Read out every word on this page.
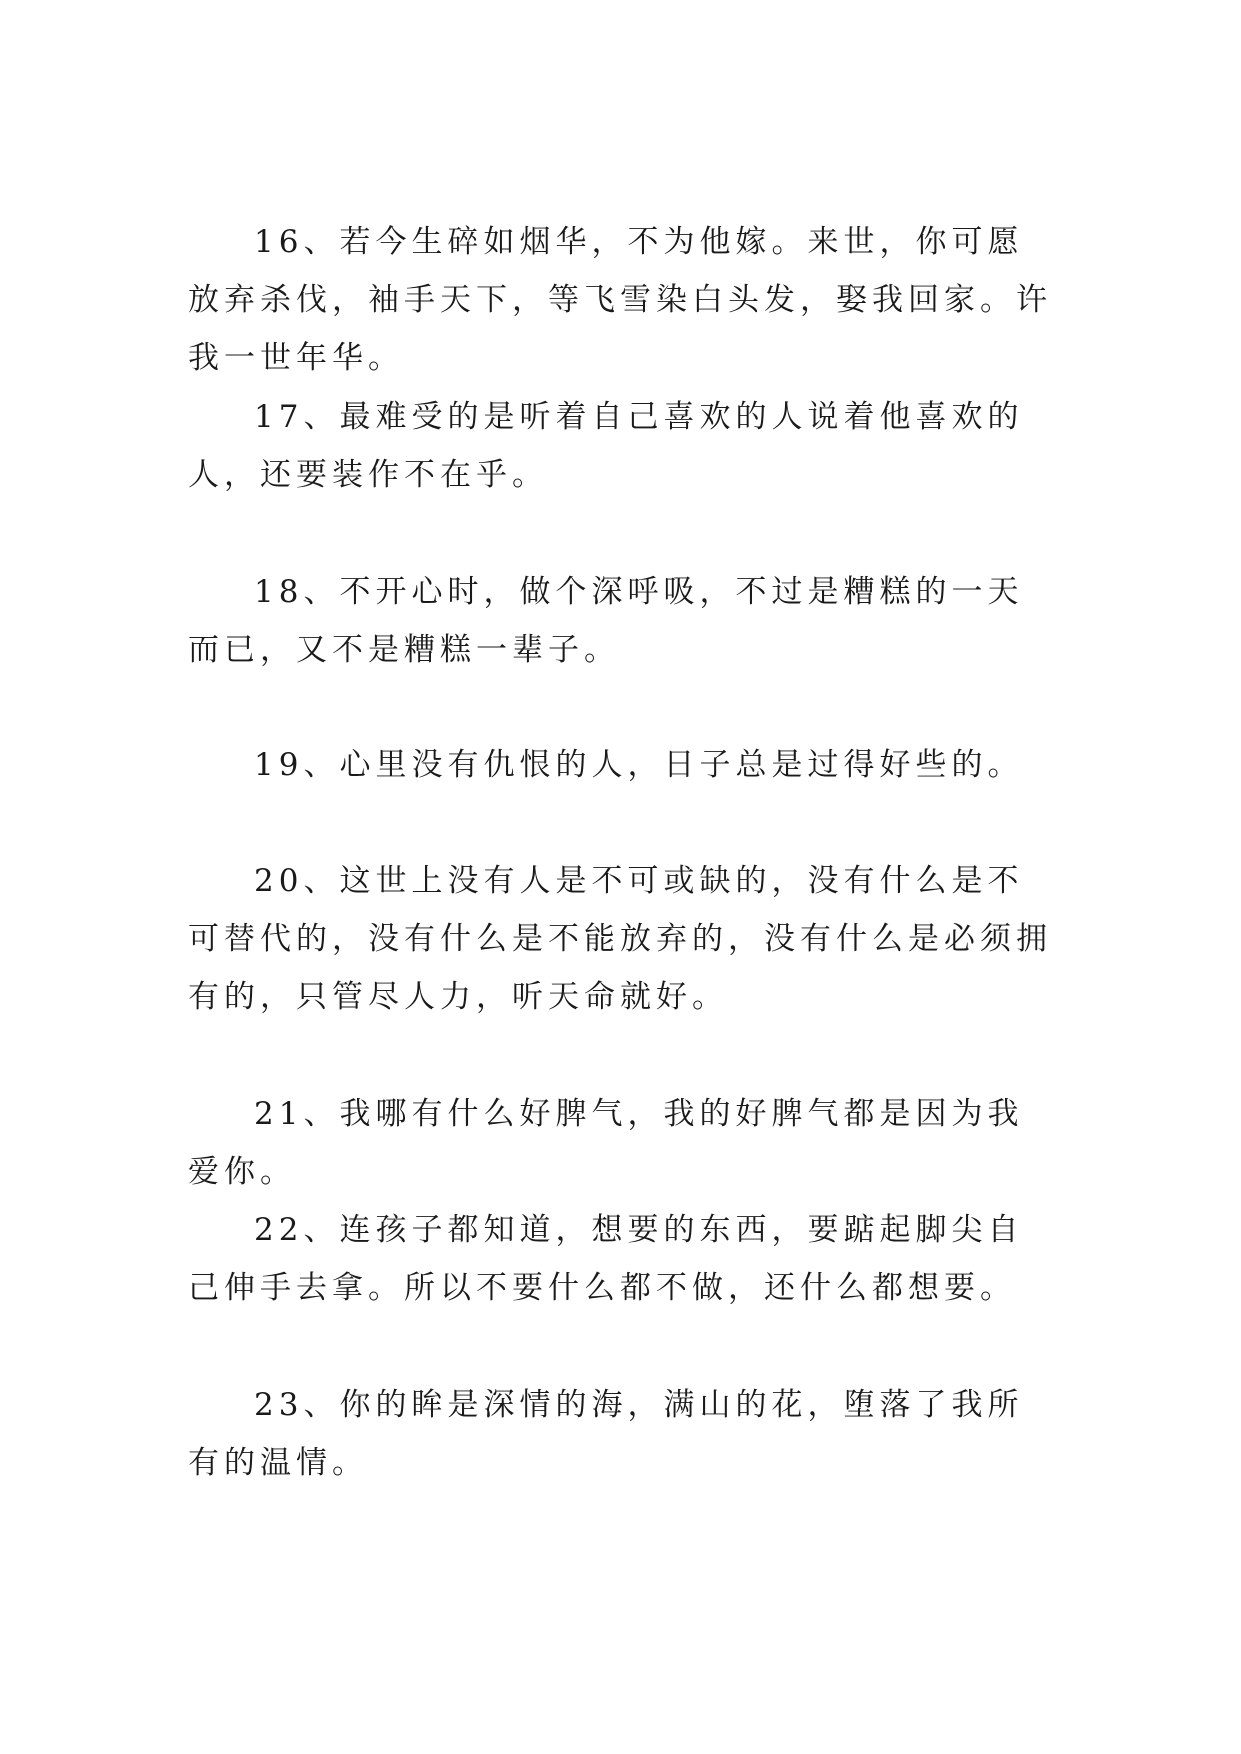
16、若今生碎如烟华，不为他嫁。来世，你可愿放弃杀伐，袖手天下，等飞雪染白头发，娶我回家。许我一世年华。

17、最难受的是听着自己喜欢的人说着他喜欢的人，还要装作不在乎。

18、不开心时，做个深呼吸，不过是糟糕的一天而已，又不是糟糕一辈子。

19、心里没有仇恨的人，日子总是过得好些的。

20、这世上没有人是不可或缺的，没有什么是不可替代的，没有什么是不能放弃的，没有什么是必须拥有的，只管尽人力，听天命就好。

21、我哪有什么好脾气，我的好脾气都是因为我爱你。

22、连孩子都知道，想要的东西，要踮起脚尖自己伸手去拿。所以不要什么都不做，还什么都想要。

23、你的眸是深情的海，满山的花，堕落了我所有的温情。
